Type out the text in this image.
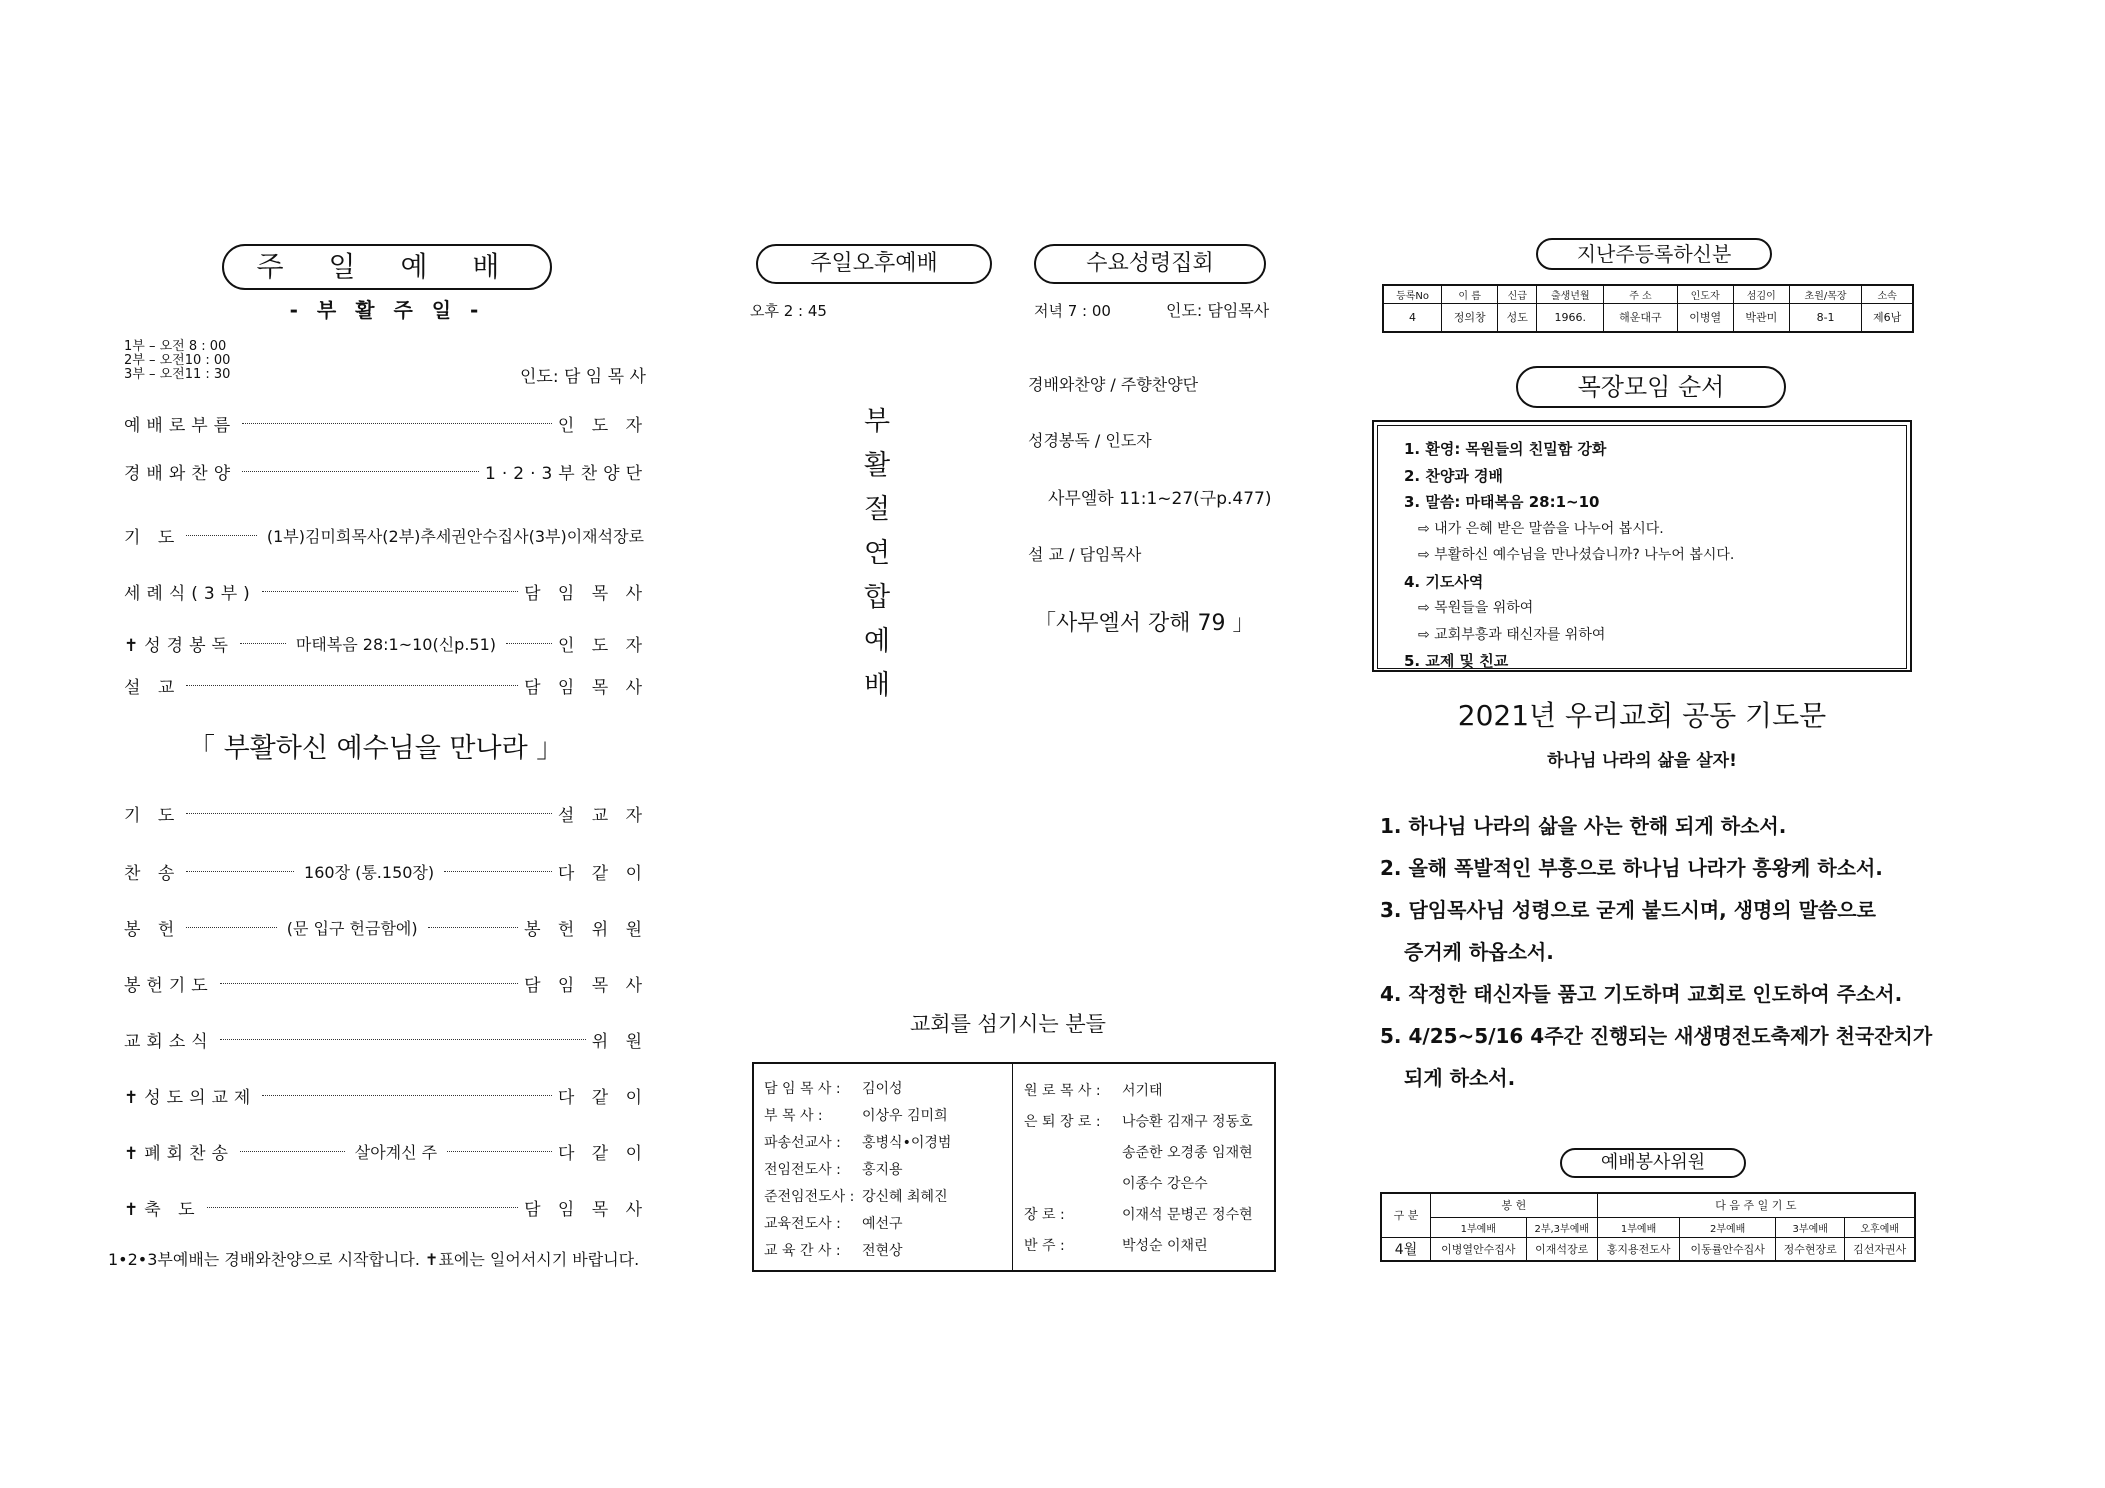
주 일 예 배
- 부 활 주 일 -
1부 – 오전 8 : 00
2부 – 오전10 : 00
3부 – 오전11 : 30	인도: 담 임 목 사
예배로부름	인 도 자
경배와찬양	1·2·3부찬양단
기 도	(1부)김미희목사(2부)추세권안수집사(3부)이재석장로
세례식(3부)	담 임 목 사
✝성경봉독	마태복음 28:1~10(신p.51)	인 도 자
설 교	담 임 목 사
「 부활하신 예수님을 만나라 」
기 도	설 교 자
찬 송	160장 (통.150장)	다 같 이
봉 헌	(문 입구 헌금함에)	봉 헌 위 원
봉헌기도	담 임 목 사
교회소식	위 원
✝성도의교제	다 같 이
✝폐회찬송	살아계신 주	다 같 이
✝축 도	담 임 목 사
1•2•3부예배는 경배와찬양으로 시작합니다. ✝표에는 일어서시기 바랍니다.
주일오후예배
오후 2 : 45
부
활
절
연
합
예
배
수요성령집회
저녁 7 : 00	인도: 담임목사
경배와찬양 / 주향찬양단
성경봉독 / 인도자
사무엘하 11:1~27(구p.477)
설 교 / 담임목사
「사무엘서 강해 79 」
교회를 섬기시는 분들
담 임 목 사 :	김이성
부 목 사 :	이상우 김미희
파송선교사 :	홍병식•이경범
전임전도사 :	홍지용
준전임전도사 : 강신혜 최혜진
교육전도사 :	예선구
교 육 간 사 :	전현상
원 로 목 사 :	서기태
은 퇴 장 로 :	나승환 김재구 정동호
송준한 오경종 임재현
이종수 강은수
장 로 :	이재석 문병곤 정수현
반 주 :	박성순 이채린
지난주등록하신분
등록No	이 름	신급	출생년월	주 소	인도자	섬김이	초원/목장	소속
4	정의창	성도	1966.	해운대구	이병열	박관미	8-1	제6남
목장모임 순서
1. 환영: 목원들의 친밀함 강화
2. 찬양과 경배
3. 말씀: 마태복음 28:1~10
⇨ 내가 은혜 받은 말씀을 나누어 봅시다.
⇨ 부활하신 예수님을 만나셨습니까? 나누어 봅시다.
4. 기도사역
⇨ 목원들을 위하여
⇨ 교회부흥과 태신자를 위하여
5. 교제 및 친교
2021년 우리교회 공동 기도문
하나님 나라의 삶을 살자!
1. 하나님 나라의 삶을 사는 한해 되게 하소서.
2. 올해 폭발적인 부흥으로 하나님 나라가 흥왕케 하소서.
3. 담임목사님 성령으로 굳게 붙드시며, 생명의 말씀으로
증거케 하옵소서.
4. 작정한 태신자들 품고 기도하며 교회로 인도하여 주소서.
5. 4/25~5/16 4주간 진행되는 새생명전도축제가 천국잔치가
되게 하소서.
예배봉사위원
구 분	봉 헌		다 음 주 일 기 도			
	1부예배	2부,3부예배	1부예배	2부예배	3부예배	오후예배
4월	이병열안수집사	이재석장로	홍지용전도사	이동률안수집사	정수현장로	김선자권사
